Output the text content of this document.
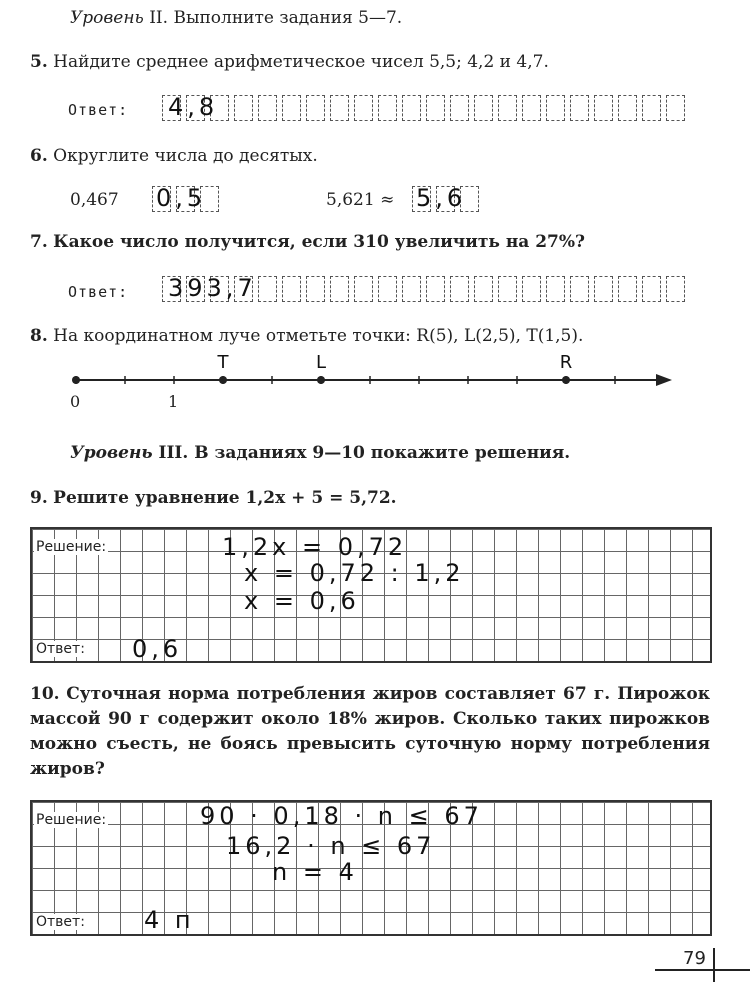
Уровень II. Выполните задания 5—7.
5. Найдите среднее арифметическое чисел 5,5; 4,2 и 4,7.
Ответ: 4,8
6. Округлите числа до десятых.
0,467 0,5	5,621 ≈ 5,6
7. Какое число получится, если 310 увеличить на 27%?
Ответ: 393,7
8. На координатном луче отметьте точки: R(5), L(2,5), T(1,5).
T	L	R
0	1
Уровень III. В заданиях 9—10 покажите решения.
9. Решите уравнение 1,2x + 5 = 5,72.
Решение:
Ответ:
1,2x = 0,72
x = 0,72 : 1,2
x = 0,6
0,6
10. Суточная норма потребления жиров составляет 67 г. Пирожок массой 90 г содержит около 18% жиров. Сколько таких пирожков можно съесть, не боясь превысить суточную норму потребления жиров?
Решение:
Ответ:
90 · 0,18 · n ≤ 67
16,2 · n ≤ 67
n = 4
4 п
79
